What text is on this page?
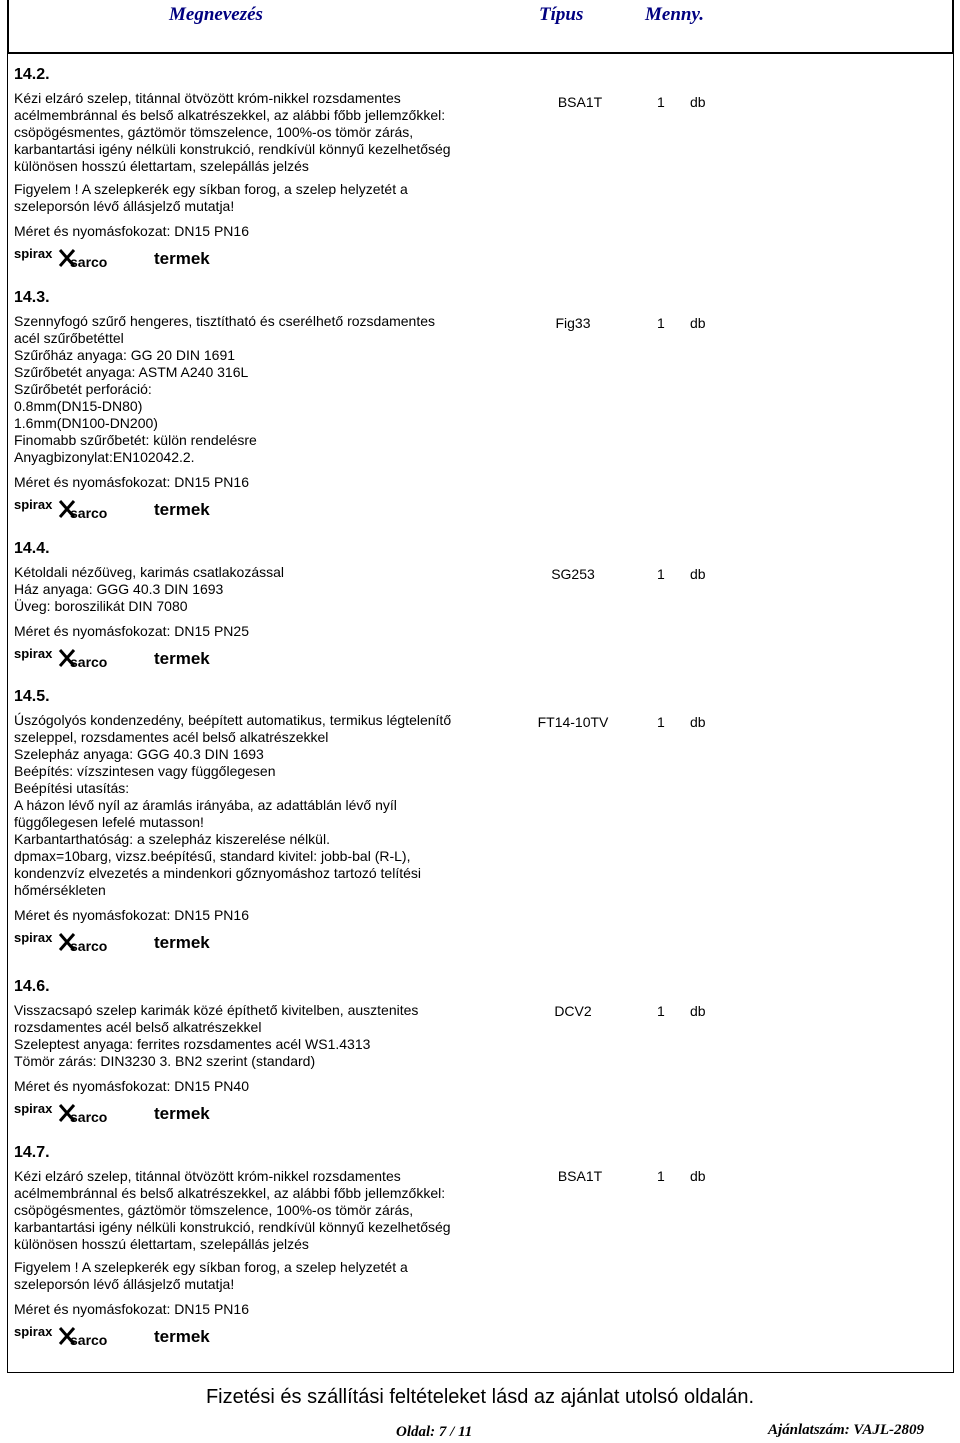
Megnevezés	Típus	Menny.
14.2.
Kézi elzáró szelep, titánnal ötvözött króm-nikkel rozsdamentes
acélmembránnal és belső alkatrészekkel, az alábbi főbb jellemzőkkel:
csöpögésmentes, gáztömör tömszelence, 100%-os tömör zárás,
karbantartási igény nélküli konstrukció, rendkívül könnyű kezelhetőség
különösen hosszú élettartam, szelepállás jelzés
Figyelem ! A szelepkerék egy síkban forog, a szelep helyzetét a
szeleporsón lévő állásjelző mutatja!
Méret és nyomásfokozat: DN15 PN16
spirax
sarco	termek
BSA1T	1 db
14.3.
Szennyfogó szűrő hengeres, tisztítható és cserélhető rozsdamentes
acél szűrőbetéttel
Szűrőház anyaga: GG 20 DIN 1691
Szűrőbetét anyaga: ASTM A240 316L
Szűrőbetét perforáció:
0.8mm(DN15-DN80)
1.6mm(DN100-DN200)
Finomabb szűrőbetét: külön rendelésre
Anyagbizonylat:EN102042.2.
Méret és nyomásfokozat: DN15 PN16
spirax
sarco	termek
Fig33	1 db
14.4.
Kétoldali nézőüveg, karimás csatlakozással
Ház anyaga: GGG 40.3 DIN 1693
Üveg: boroszilikát DIN 7080
Méret és nyomásfokozat: DN15 PN25
spirax
sarco	termek
SG253	1 db
14.5.
Úszógolyós kondenzedény, beépített automatikus, termikus légtelenítő
szeleppel, rozsdamentes acél belső alkatrészekkel
Szelepház anyaga: GGG 40.3 DIN 1693
Beépítés: vízszintesen vagy függőlegesen
Beépítési utasítás:
A házon lévő nyíl az áramlás irányába, az adattáblán lévő nyíl
függőlegesen lefelé mutasson!
Karbantarthatóság: a szelepház kiszerelése nélkül.
dpmax=10barg, vizsz.beépítésű, standard kivitel: jobb-bal (R-L),
kondenzvíz elvezetés a mindenkori gőznyomáshoz tartozó telítési
hőmérsékleten
Méret és nyomásfokozat: DN15 PN16
spirax
sarco	termek
FT14-10TV	1 db
14.6.
Visszacsapó szelep karimák közé építhető kivitelben, ausztenites
rozsdamentes acél belső alkatrészekkel
Szeleptest anyaga: ferrites rozsdamentes acél WS1.4313
Tömör zárás: DIN3230 3. BN2 szerint (standard)
Méret és nyomásfokozat: DN15 PN40
spirax
sarco	termek
DCV2	1 db
14.7.
Kézi elzáró szelep, titánnal ötvözött króm-nikkel rozsdamentes
acélmembránnal és belső alkatrészekkel, az alábbi főbb jellemzőkkel:
csöpögésmentes, gáztömör tömszelence, 100%-os tömör zárás,
karbantartási igény nélküli konstrukció, rendkívül könnyű kezelhetőség
különösen hosszú élettartam, szelepállás jelzés
Figyelem ! A szelepkerék egy síkban forog, a szelep helyzetét a
szeleporsón lévő állásjelző mutatja!
Méret és nyomásfokozat: DN15 PN16
spirax
sarco	termek
BSA1T	1 db
Fizetési és szállítási feltételeket lásd az ajánlat utolsó oldalán.
Oldal: 7 / 11	Ajánlatszám: VAJL-2809
